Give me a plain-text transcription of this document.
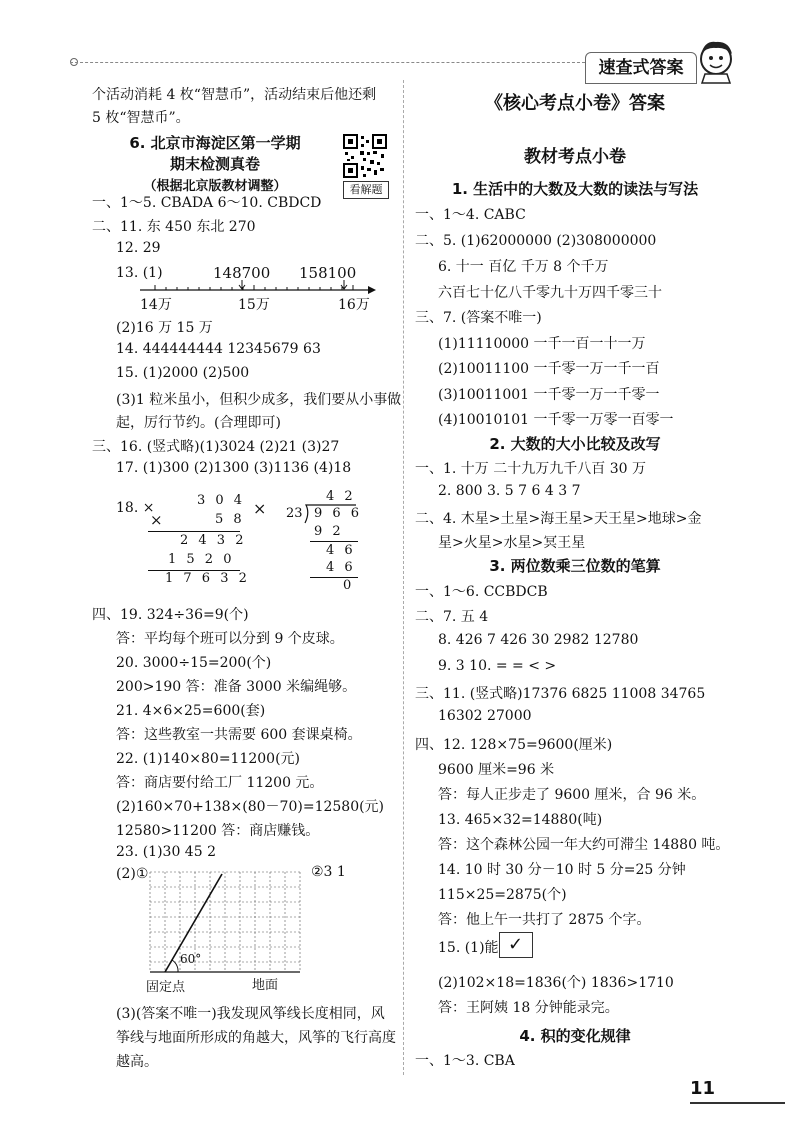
速查式答案
个活动消耗 4 枚“智慧币”，活动结束后他还剩
5 枚“智慧币”。
6. 北京市海淀区第一学期
期末检测真卷
（根据北京版教材调整）	看解题
一、1～5. CBADA 6～10. CBDCD
二、11. 东 450 东北 270
12. 29
13. (1)	148700 158100
14万	15万	16万
(2)16 万 15 万
14. 444444444 12345679 63
15. (1)2000 (2)500
(3)1 粒米虽小，但积少成多，我们要从小事做
起，厉行节约。(合理即可)
三、16. (竖式略)(1)3024 (2)21 (3)27
17. (1)300 (2)1300 (3)1136 (4)18
18. ×	3 0 4
×	5 8
2 4 3 2
1 5 2 0
1 7 6 3 2
×
4 2
23 9 6 6
9 2
4 6
4 6
0
四、19. 324÷36=9(个)
答：平均每个班可以分到 9 个皮球。
20. 3000÷15=200(个)
200>190 答：准备 3000 米编绳够。
21. 4×6×25=600(套)
答：这些教室一共需要 600 套课桌椅。
22. (1)140×80=11200(元)
答：商店要付给工厂 11200 元。
(2)160×70+138×(80－70)=12580(元)
12580>11200 答：商店赚钱。
23. (1)30 45 2
(2)①	②3 1
60°
固定点	地面
(3)(答案不唯一)我发现风筝线长度相同，风
筝线与地面所形成的角越大，风筝的飞行高度
越高。
《核心考点小卷》答案
教材考点小卷
1. 生活中的大数及大数的读法与写法
一、1～4. CABC
二、5. (1)62000000 (2)308000000
6. 十一 百亿 千万 8 个千万
六百七十亿八千零九十万四千零三十
三、7. (答案不唯一)
(1)11110000 一千一百一十一万
(2)10011100 一千零一万一千一百
(3)10011001 一千零一万一千零一
(4)10010101 一千零一万零一百零一
2. 大数的大小比较及改写
一、1. 十万 二十九万九千八百 30 万
2. 800 3. 5 7 6 4 3 7
二、4. 木星>土星>海王星>天王星>地球>金
星>火星>水星>冥王星
3. 两位数乘三位数的笔算
一、1～6. CCBDCB
二、7. 五 4
8. 426 7 426 30 2982 12780
9. 3 10. = = < >
三、11. (竖式略)17376 6825 11008 34765
16302 27000
四、12. 128×75=9600(厘米)
9600 厘米=96 米
答：每人正步走了 9600 厘米，合 96 米。
13. 465×32=14880(吨)
答：这个森林公园一年大约可滞尘 14880 吨。
14. 10 时 30 分－10 时 5 分=25 分钟
115×25=2875(个)
答：他上午一共打了 2875 个字。
15. (1)能 ✓
(2)102×18=1836(个) 1836>1710
答：王阿姨 18 分钟能录完。
4. 积的变化规律
一、1～3. CBA
11
